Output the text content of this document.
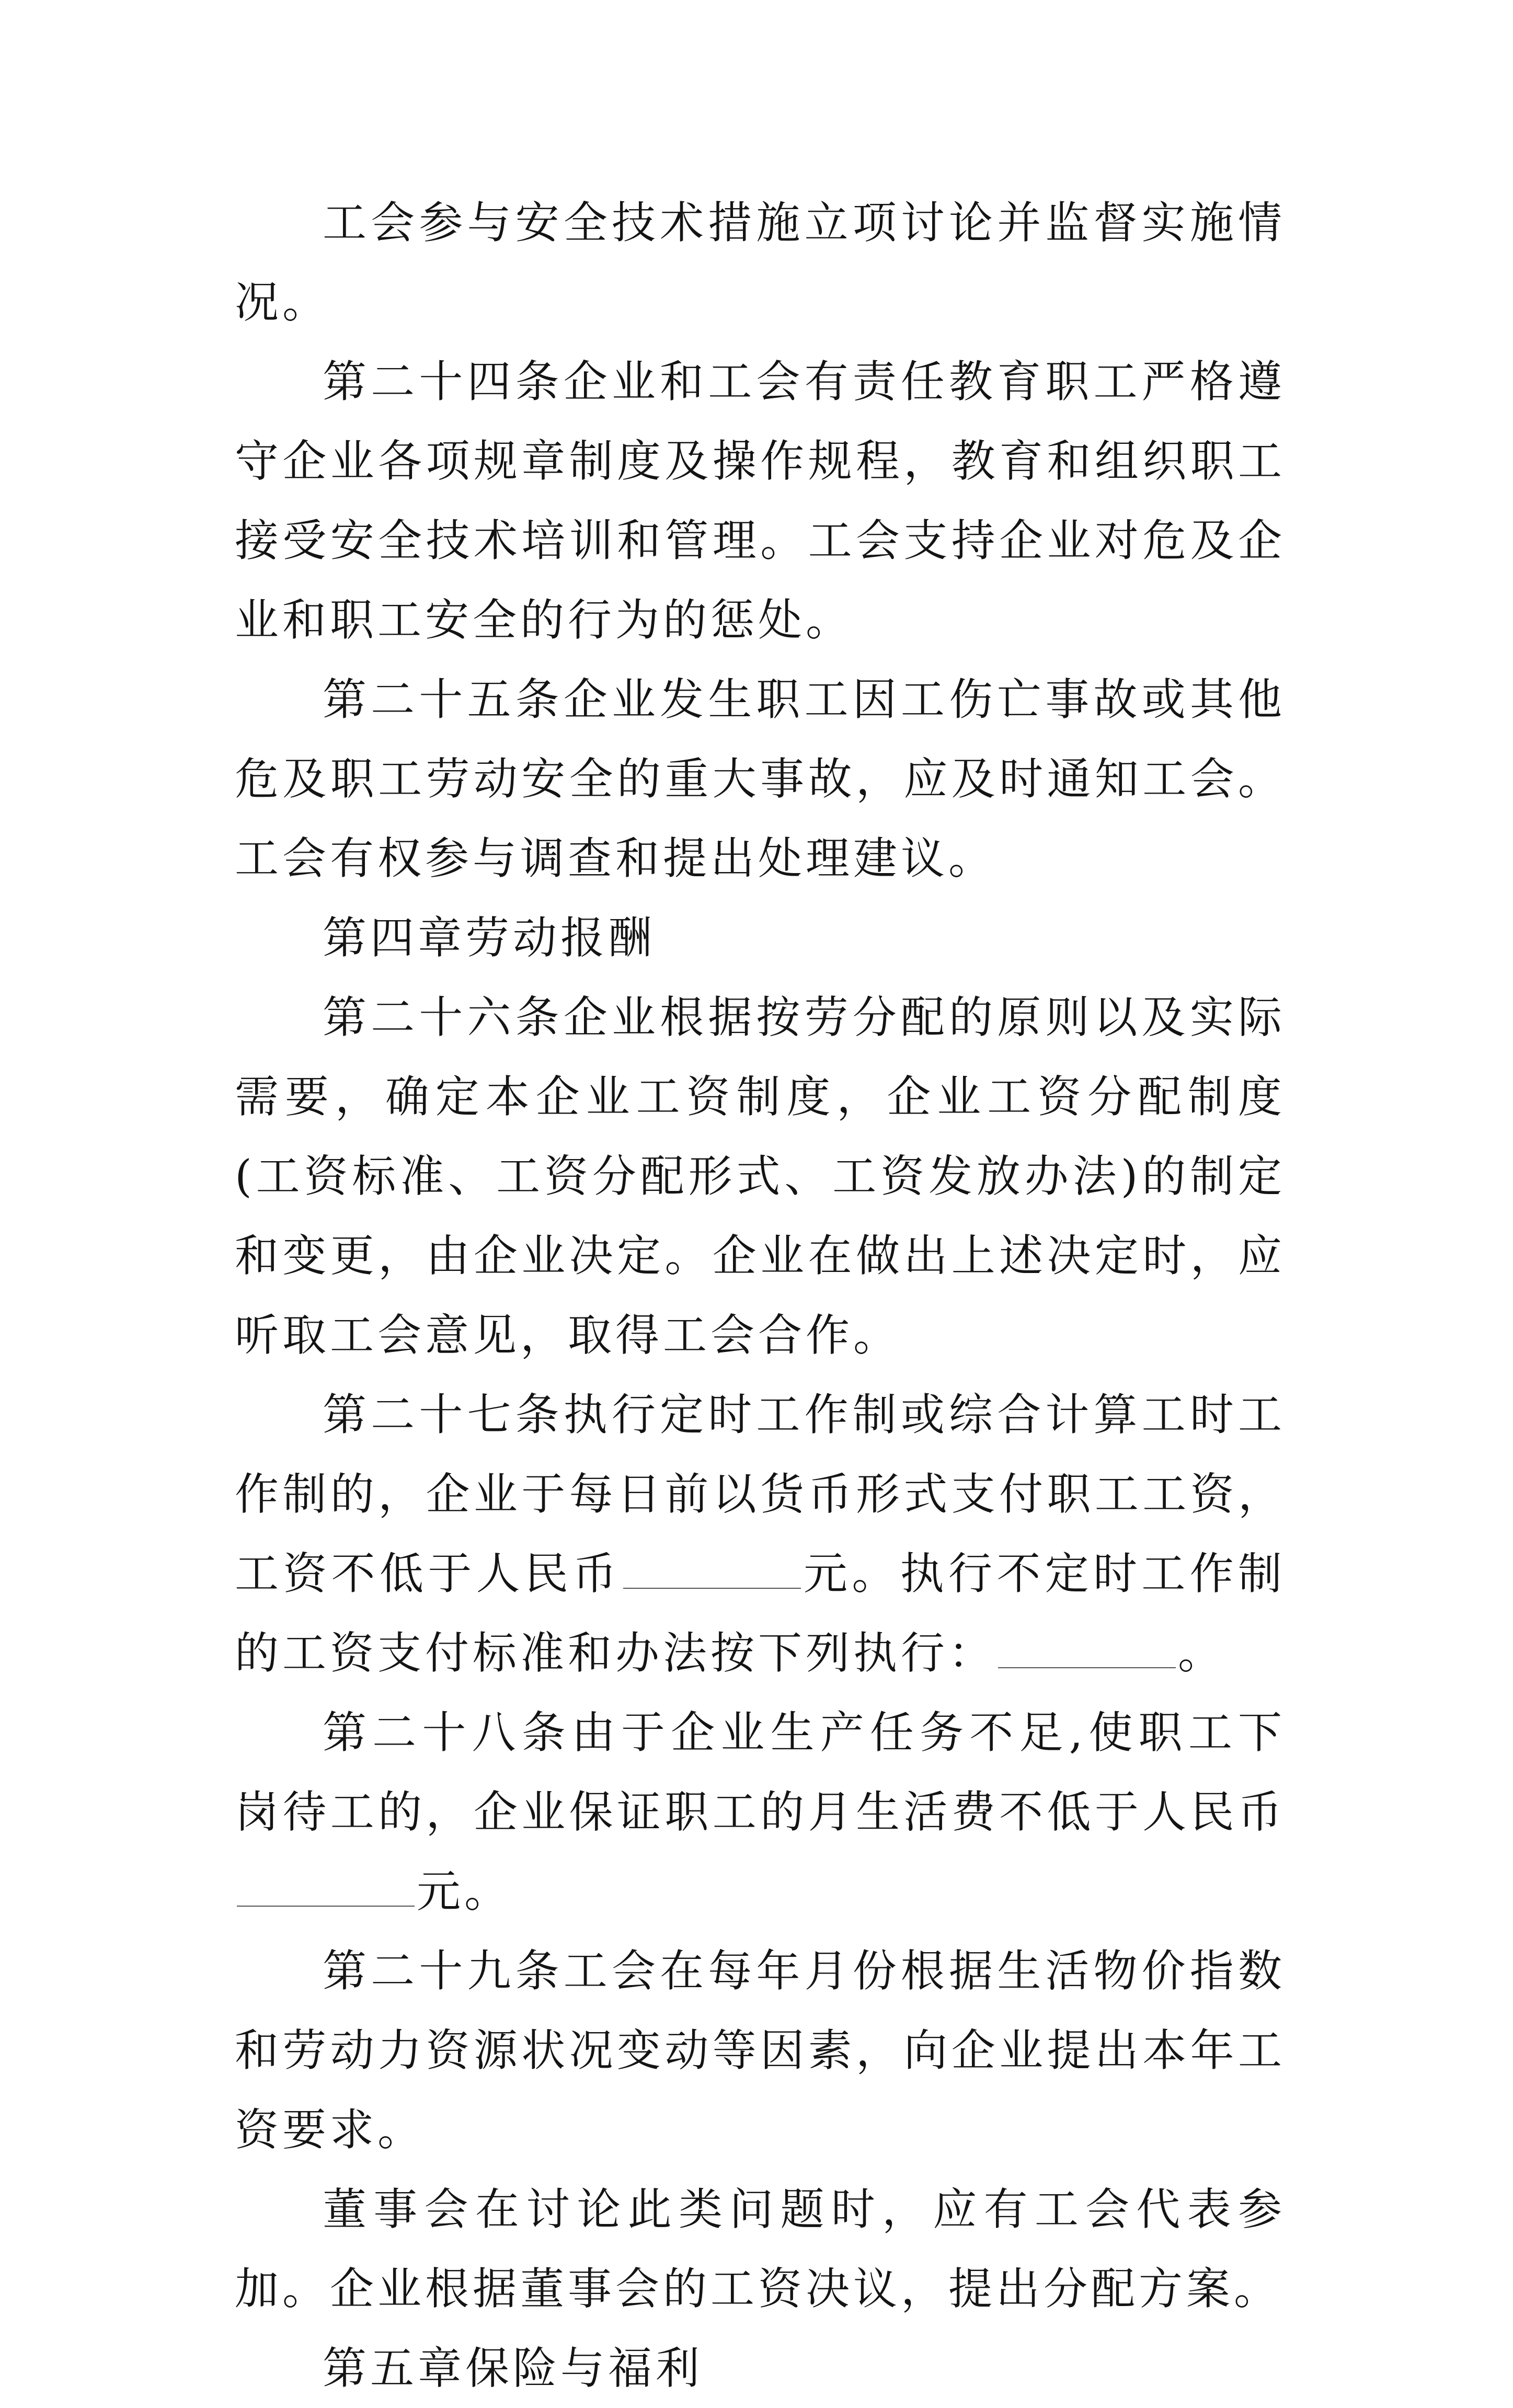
工会参与安全技术措施立项讨论并监督实施情况。

第二十四条企业和工会有责任教育职工严格遵守企业各项规章制度及操作规程，教育和组织职工接受安全技术培训和管理。工会支持企业对危及企业和职工安全的行为的惩处。

第二十五条企业发生职工因工伤亡事故或其他危及职工劳动安全的重大事故，应及时通知工会。工会有权参与调查和提出处理建议。

第四章劳动报酬

第二十六条企业根据按劳分配的原则以及实际需要，确定本企业工资制度，企业工资分配制度(工资标准、工资分配形式、工资发放办法)的制定和变更，由企业决定。企业在做出上述决定时，应听取工会意见，取得工会合作。

第二十七条执行定时工作制或综合计算工时工作制的，企业于每日前以货币形式支付职工工资，工资不低于人民币	元。执行不定时工作制的工资支付标准和办法按下列执行：	。

第二十八条由于企业生产任务不足,使职工下岗待工的，企业保证职工的月生活费不低于人民币元。

第二十九条工会在每年月份根据生活物价指数和劳动力资源状况变动等因素，向企业提出本年工资要求。

董事会在讨论此类问题时，应有工会代表参加。企业根据董事会的工资决议，提出分配方案。

第五章保险与福利
